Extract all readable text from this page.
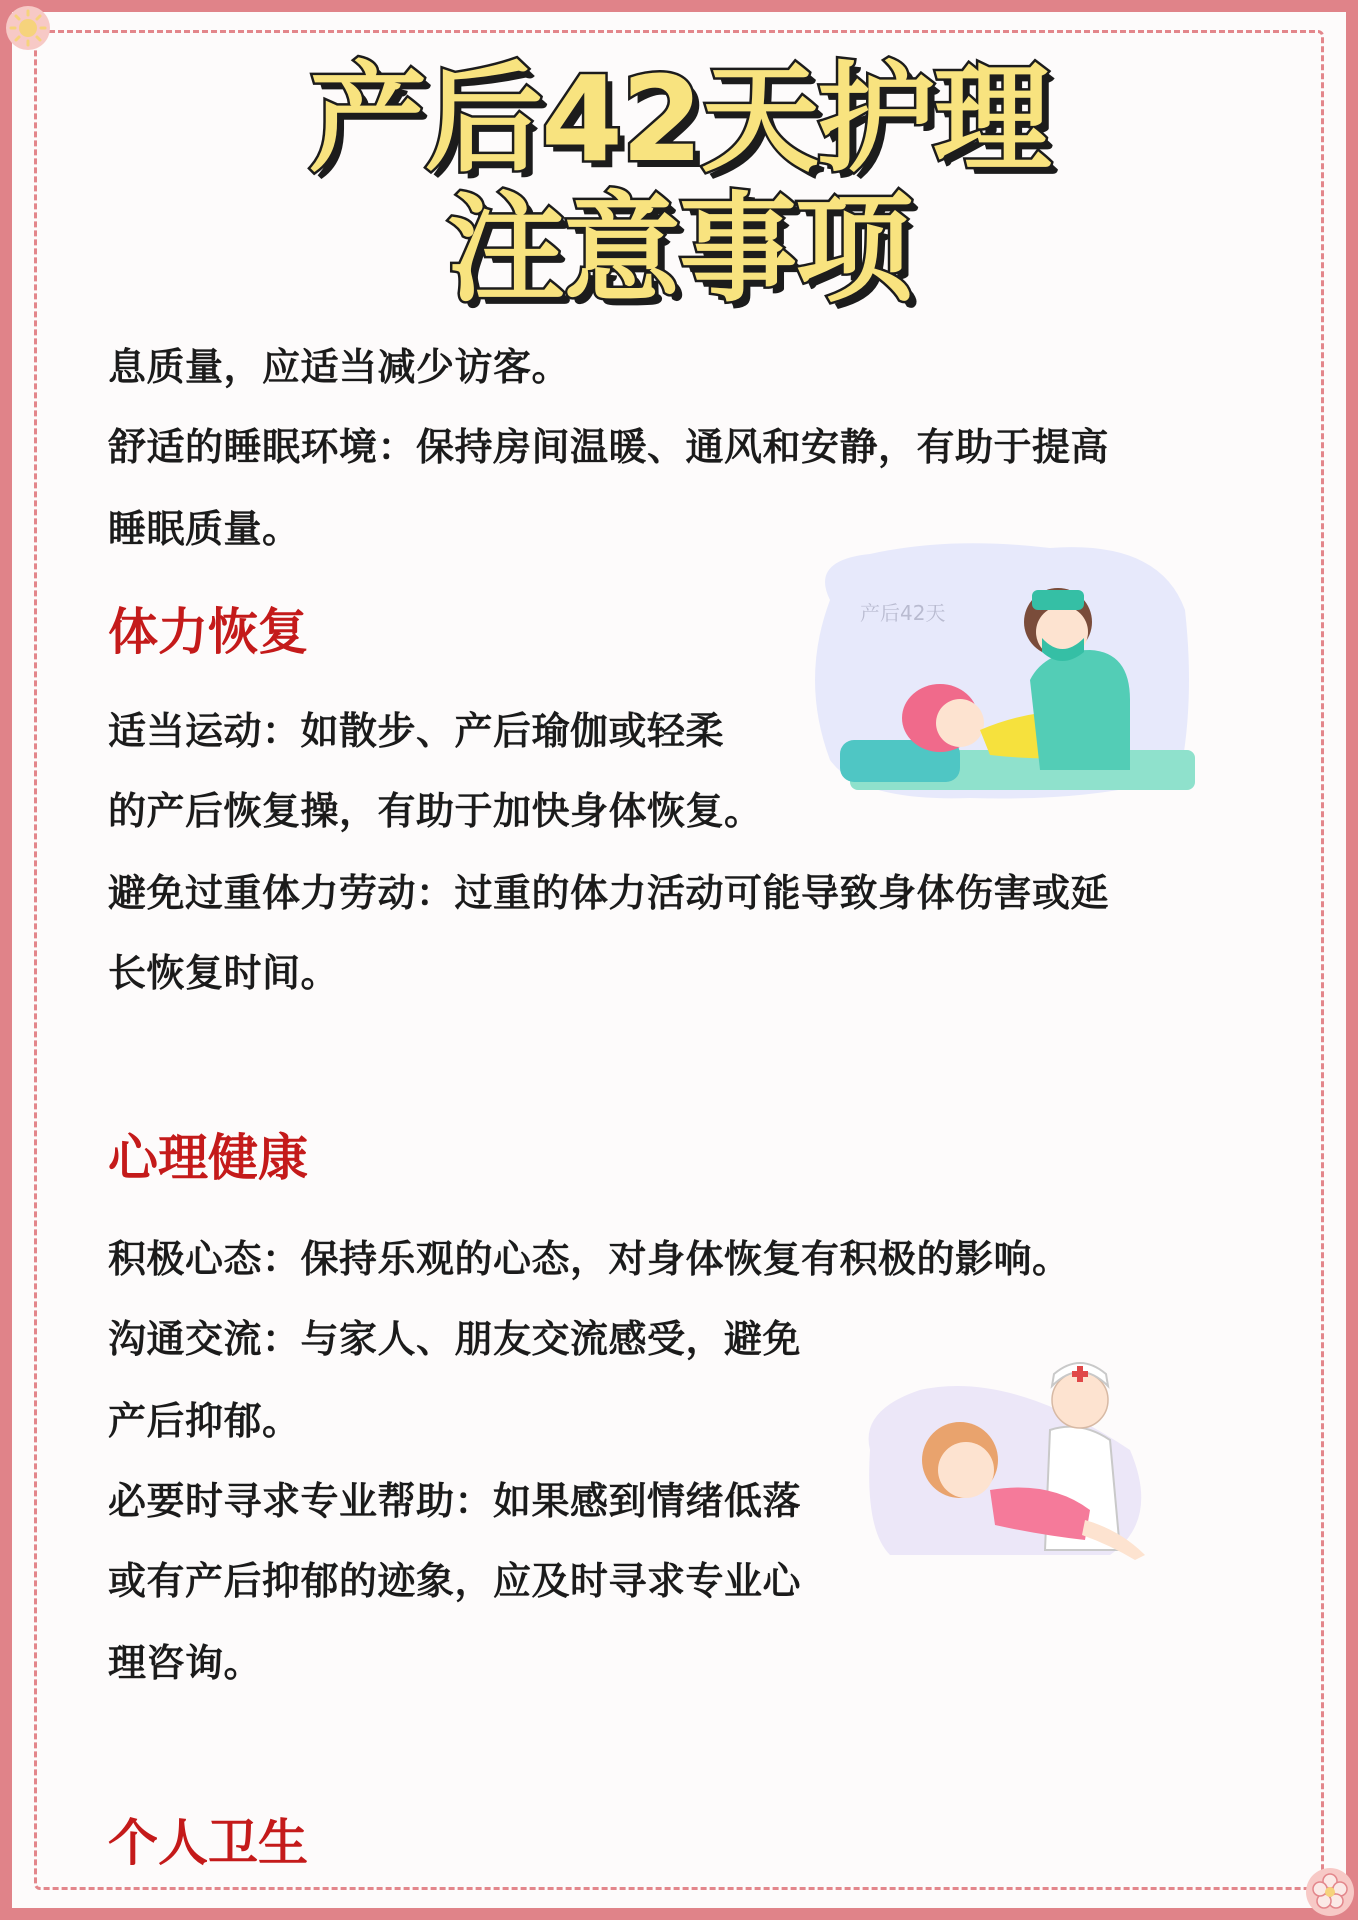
产后42天护理
注意事项

息质量，应适当减少访客。

舒适的睡眠环境：保持房间温暖、通风和安静，有助于提高

睡眠质量。

体力恢复

适当运动：如散步、产后瑜伽或轻柔

的产后恢复操，有助于加快身体恢复。

避免过重体力劳动：过重的体力活动可能导致身体伤害或延

长恢复时间。

产后42天
心理健康

积极心态：保持乐观的心态，对身体恢复有积极的影响。

沟通交流：与家人、朋友交流感受，避免

产后抑郁。

必要时寻求专业帮助：如果感到情绪低落

或有产后抑郁的迹象，应及时寻求专业心

理咨询。

个人卫生
